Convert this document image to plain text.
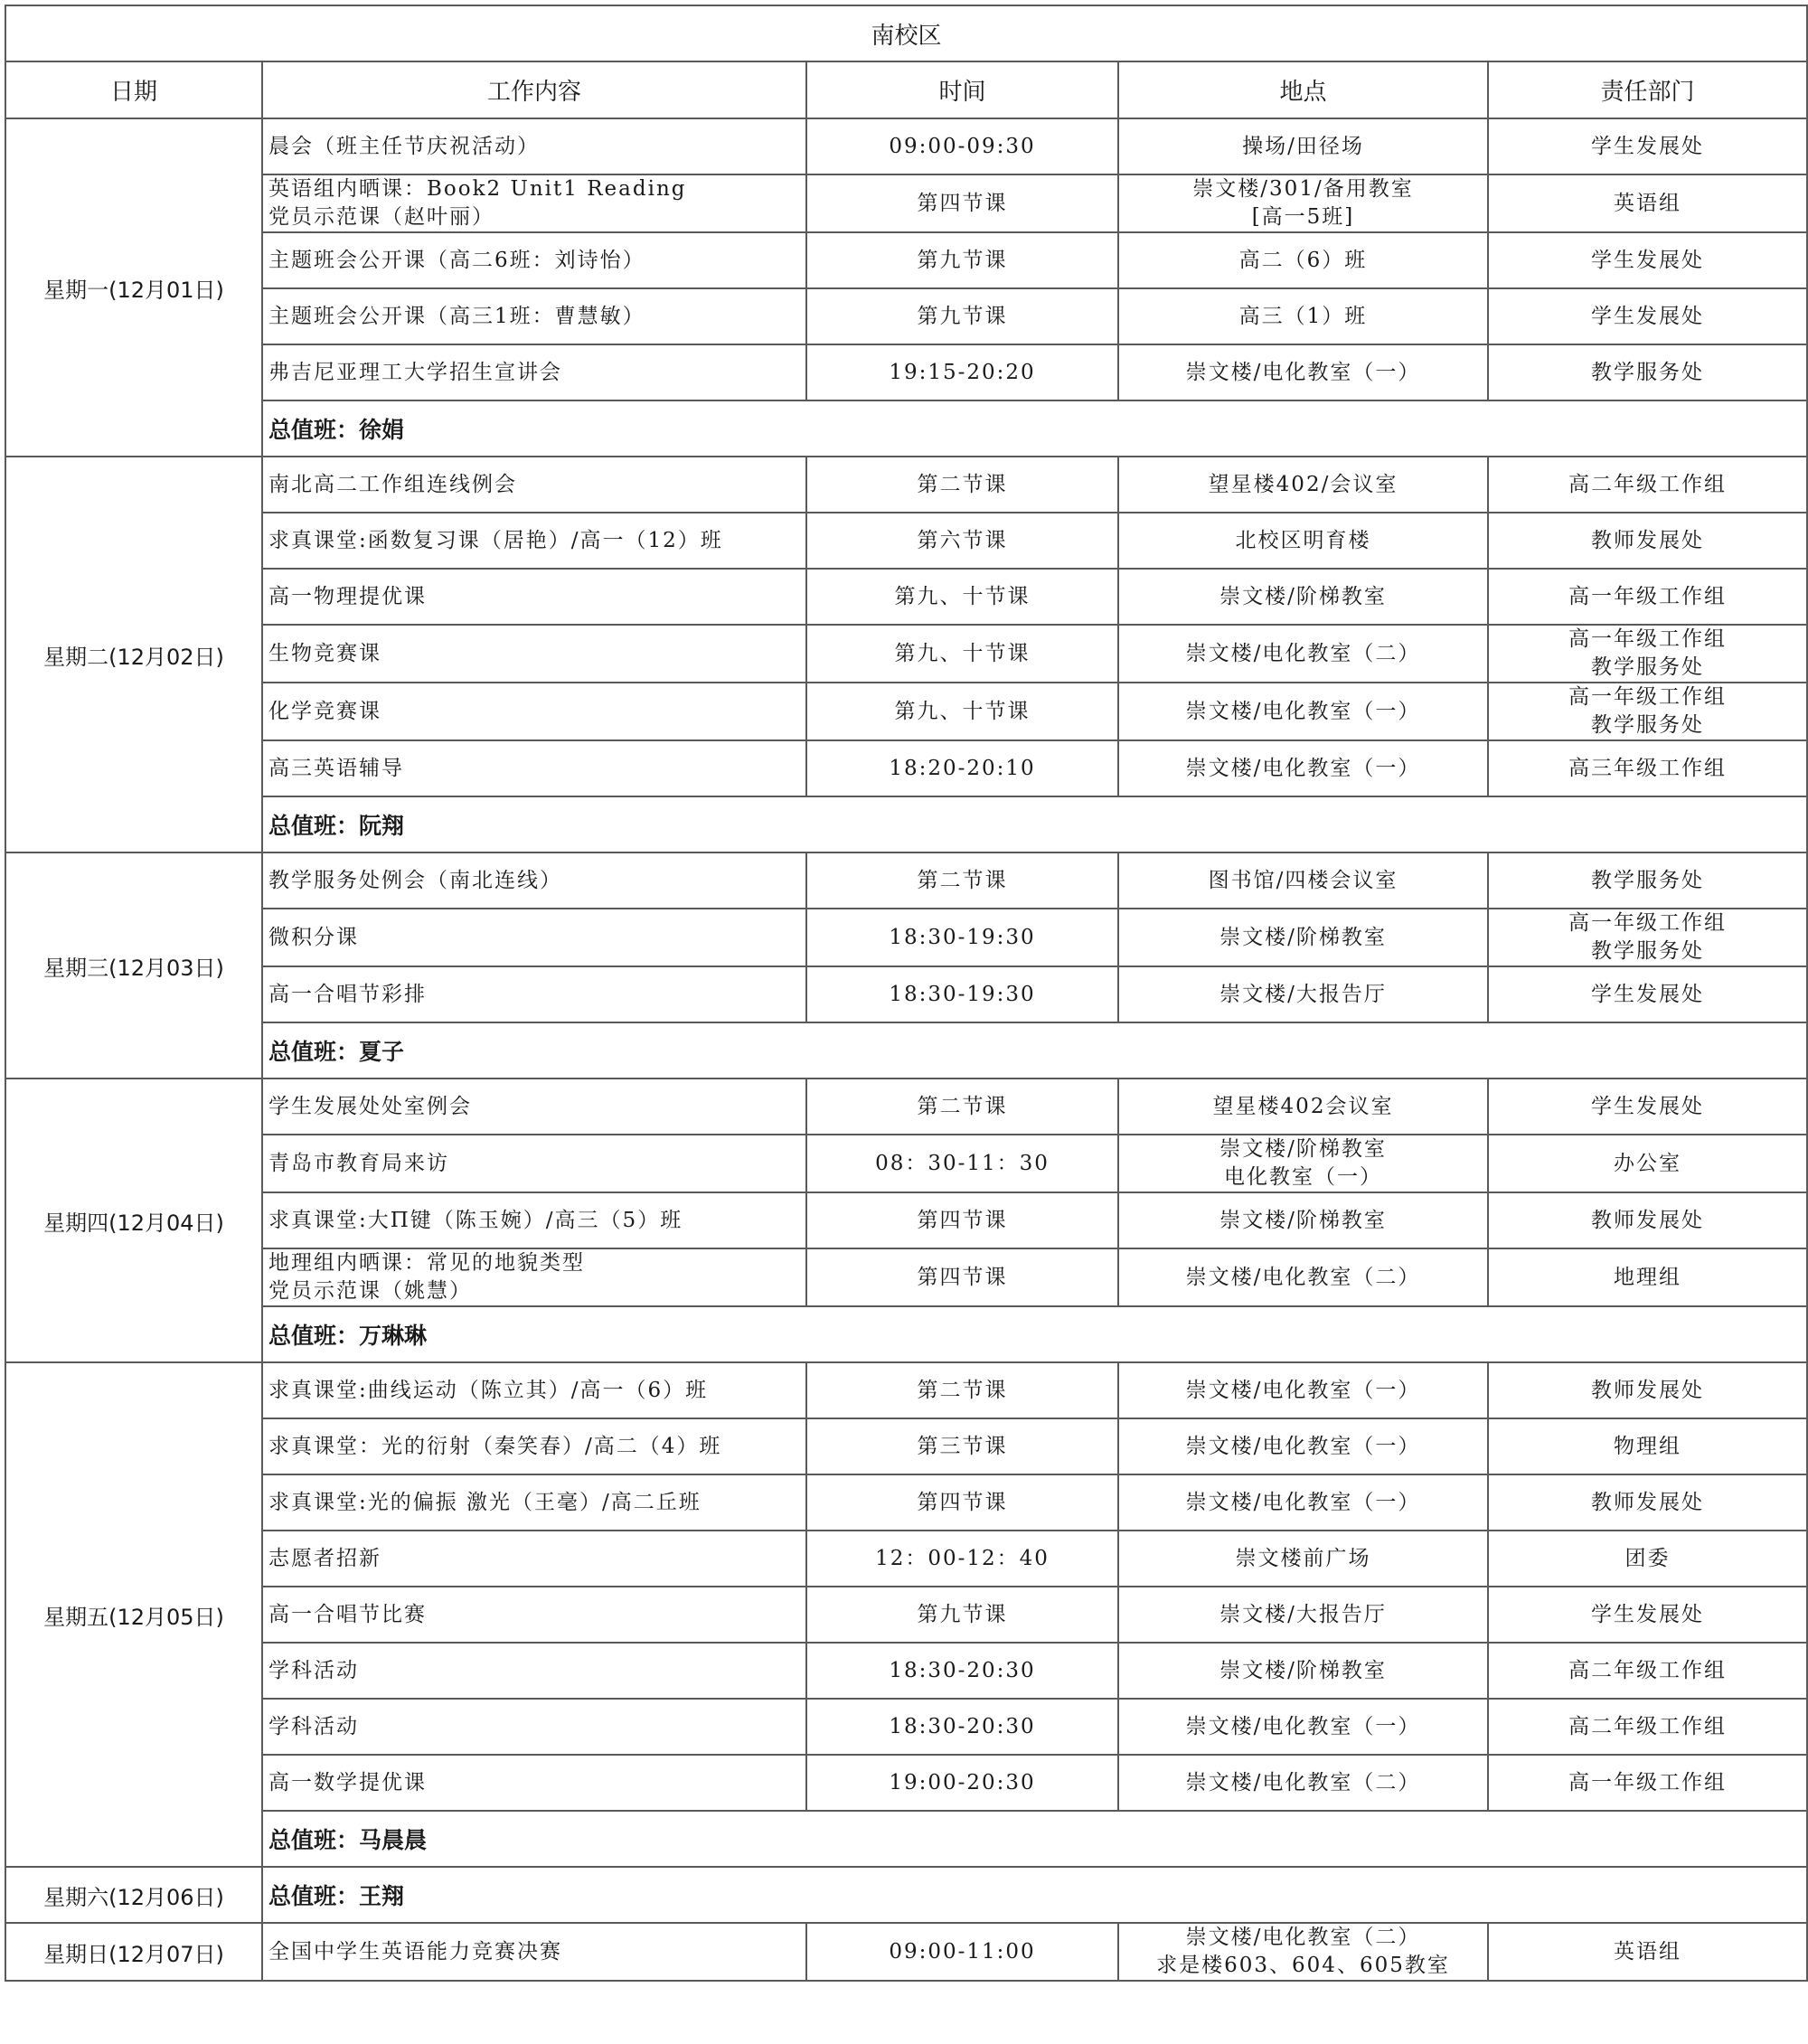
南校区				
日期	工作内容	时间	地点	责任部门
星期一(12月01日)	晨会（班主任节庆祝活动）	09:00-09:30	操场/田径场	学生发展处

	英语组内晒课：Book2 Unit1 Reading
党员示范课（赵叶丽）	第四节课	崇文楼/301/备用教室
[高一5班]	英语组

	主题班会公开课（高二6班：刘诗怡）	第九节课	高二（6）班	学生发展处

	主题班会公开课（高三1班：曹慧敏）	第九节课	高三（1）班	学生发展处

	弗吉尼亚理工大学招生宣讲会	19:15-20:20	崇文楼/电化教室（一）	教学服务处

	总值班：徐娟			
星期二(12月02日)	南北高二工作组连线例会	第二节课	望星楼402/会议室	高二年级工作组

	求真课堂:函数复习课（居艳）/高一（12）班	第六节课	北校区明育楼	教师发展处

	高一物理提优课	第九、十节课	崇文楼/阶梯教室	高一年级工作组

	生物竞赛课	第九、十节课	崇文楼/电化教室（二）	高一年级工作组
教学服务处

	化学竞赛课	第九、十节课	崇文楼/电化教室（一）	高一年级工作组
教学服务处

	高三英语辅导	18:20-20:10	崇文楼/电化教室（一）	高三年级工作组

	总值班：阮翔			
星期三(12月03日)	教学服务处例会（南北连线）	第二节课	图书馆/四楼会议室	教学服务处

	微积分课	18:30-19:30	崇文楼/阶梯教室	高一年级工作组
教学服务处

	高一合唱节彩排	18:30-19:30	崇文楼/大报告厅	学生发展处

	总值班：夏子			
星期四(12月04日)	学生发展处处室例会	第二节课	望星楼402会议室	学生发展处

	青岛市教育局来访	08：30-11：30	崇文楼/阶梯教室
电化教室（一）	办公室

	求真课堂:大Π键（陈玉婉）/高三（5）班	第四节课	崇文楼/阶梯教室	教师发展处

	地理组内晒课：常见的地貌类型
党员示范课（姚慧）	第四节课	崇文楼/电化教室（二）	地理组

	总值班：万琳琳			
星期五(12月05日)	求真课堂:曲线运动（陈立其）/高一（6）班	第二节课	崇文楼/电化教室（一）	教师发展处

	求真课堂：光的衍射（秦笑春）/高二（4）班	第三节课	崇文楼/电化教室（一）	物理组

	求真课堂:光的偏振 激光（王毫）/高二丘班	第四节课	崇文楼/电化教室（一）	教师发展处

	志愿者招新	12：00-12：40	崇文楼前广场	团委

	高一合唱节比赛	第九节课	崇文楼/大报告厅	学生发展处

	学科活动	18:30-20:30	崇文楼/阶梯教室	高二年级工作组

	学科活动	18:30-20:30	崇文楼/电化教室（一）	高二年级工作组

	高一数学提优课	19:00-20:30	崇文楼/电化教室（二）	高一年级工作组

	总值班：马晨晨			
星期六(12月06日)	总值班：王翔			
星期日(12月07日)	全国中学生英语能力竞赛决赛	09:00-11:00	崇文楼/电化教室（二）
求是楼603、604、605教室	英语组
